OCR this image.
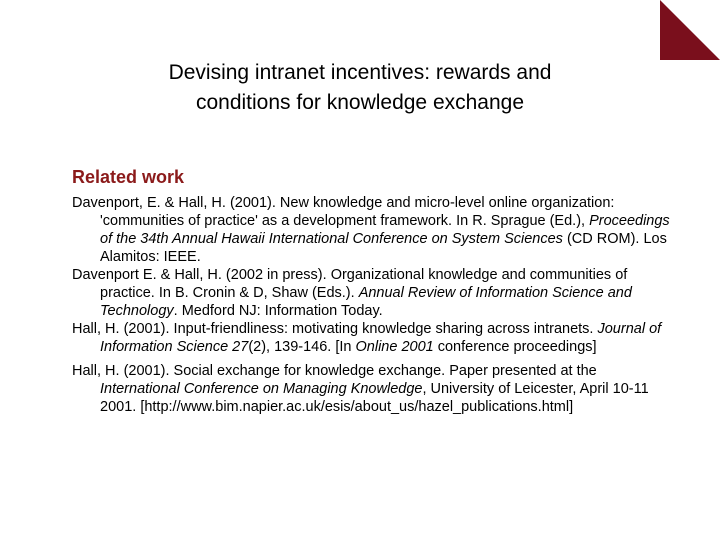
Devising intranet incentives: rewards and
conditions for knowledge exchange
Related work
Davenport, E. & Hall, H. (2001). New knowledge and micro-level online organization: 'communities of practice' as a development framework. In R. Sprague (Ed.), Proceedings of the 34th Annual Hawaii International Conference on System Sciences (CD ROM). Los Alamitos: IEEE.
Davenport E. & Hall, H. (2002 in press). Organizational knowledge and communities of practice. In B. Cronin & D, Shaw (Eds.). Annual Review of Information Science and Technology. Medford NJ: Information Today.
Hall, H. (2001). Input-friendliness: motivating knowledge sharing across intranets. Journal of Information Science 27(2), 139-146. [In Online 2001 conference proceedings]
Hall, H. (2001). Social exchange for knowledge exchange. Paper presented at the International Conference on Managing Knowledge, University of Leicester, April 10-11 2001. [http://www.bim.napier.ac.uk/esis/about_us/hazel_publications.html]
